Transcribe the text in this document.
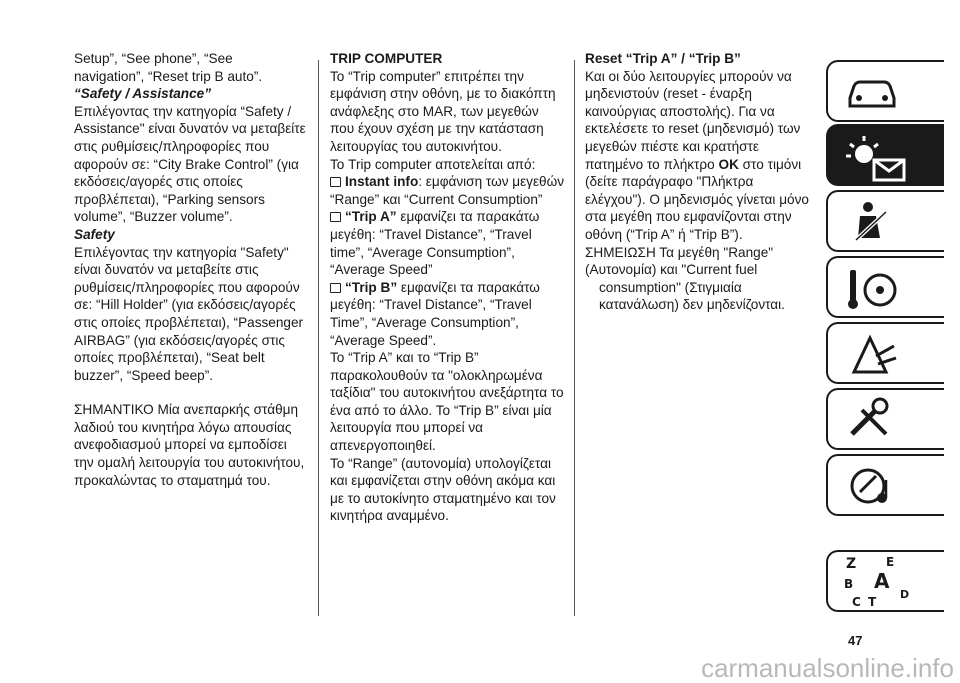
Setup”, “See phone”, “See navigation”, “Reset trip B auto”.

“Safety / Assistance”

Επιλέγοντας την κατηγορία “Safety / Assistance" είναι δυνατόν να μεταβείτε στις ρυθμίσεις/πληροφορίες που αφορούν σε: “City Brake Control” (για εκδόσεις/αγορές στις οποίες προβλέπεται), “Parking sensors volume”, “Buzzer volume”.

Safety

Επιλέγοντας την κατηγορία "Safety" είναι δυνατόν να μεταβείτε στις ρυθμίσεις/πληροφορίες που αφορούν σε: “Hill Holder” (για εκδόσεις/αγορές στις οποίες προβλέπεται), “Passenger AIRBAG” (για εκδόσεις/αγορές στις οποίες προβλέπεται), “Seat belt buzzer”, “Speed beep”.

ΣΗΜΑΝΤΙΚΟ Μία ανεπαρκής στάθμη λαδιού του κινητήρα λόγω απουσίας ανεφοδιασμού μπορεί να εμποδίσει την ομαλή λειτουργία του αυτοκινήτου, προκαλώντας το σταματημά του.

TRIP COMPUTER

Το “Trip computer” επιτρέπει την εμφάνιση στην οθόνη, με το διακόπτη ανάφλεξης στο MAR, των μεγεθών που έχουν σχέση με την κατάσταση λειτουργίας του αυτοκινήτου.

Το Trip computer αποτελείται από:

Instant info: εμφάνιση των μεγεθών “Range” και “Current Consumption”

“Trip A” εμφανίζει τα παρακάτω μεγέθη: “Travel Distance”, “Travel time”, “Average Consumption”, “Average Speed”

“Trip B” εμφανίζει τα παρακάτω μεγέθη: “Travel Distance”, “Travel Time”, “Average Consumption”, “Average Speed”.

Το “Trip A” και το “Trip B” παρακολουθούν τα "ολοκληρωμένα ταξίδια" του αυτοκινήτου ανεξάρτητα το ένα από το άλλο. Το “Trip B” είναι μία λειτουργία που μπορεί να απενεργοποιηθεί.

Το “Range” (αυτονομία) υπολογίζεται και εμφανίζεται στην οθόνη ακόμα και με το αυτοκίνητο σταματημένο και τον κινητήρα αναμμένο.

Reset “Trip A” / “Trip B”

Και οι δύο λειτουργίες μπορούν να μηδενιστούν (reset - έναρξη καινούργιας αποστολής). Για να εκτελέσετε το reset (μηδενισμό) των μεγεθών πιέστε και κρατήστε πατημένο το πλήκτρο OK στο τιμόνι (δείτε παράγραφο "Πλήκτρα ελέγχου"). Ο μηδενισμός γίνεται μόνο στα μεγέθη που εμφανίζονται στην οθόνη (“Trip A” ή “Trip B”).

ΣΗΜΕΙΩΣΗ Τα μεγέθη "Range" (Αυτονομία) και "Current fuel

consumption" (Στιγμιαία κατανάλωση) δεν μηδενίζονται.

47
Z E
B A
C T
D
carmanualsonline.info
